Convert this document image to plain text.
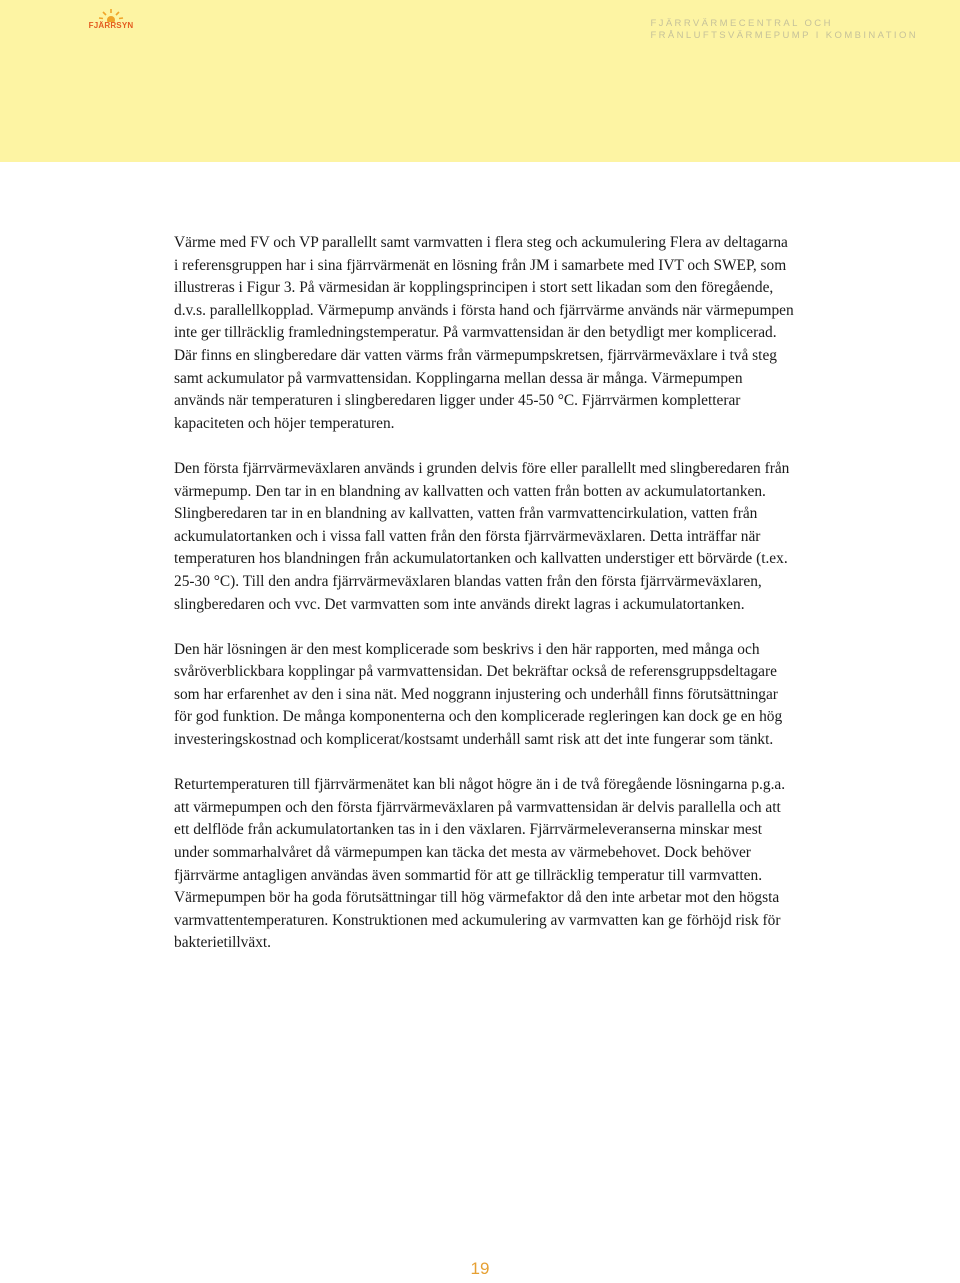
FJÄRRSYN	FJÄRRVÄRMECENTRAL OCH
FRÅNLUFTSVÄRMEPUMP I KOMBINATION

Värme med FV och VP parallellt samt varmvatten i flera steg och ackumulering Flera av deltagarna i referensgruppen har i sina fjärrvärmenät en lösning från JM i samarbete med IVT och SWEP, som illustreras i Figur 3. På värmesidan är kopplingsprincipen i stort sett likadan som den föregående, d.v.s. parallellkopplad. Värmepump används i första hand och fjärrvärme används när värmepumpen inte ger tillräcklig framledningstemperatur. På varmvattensidan är den betydligt mer komplicerad. Där finns en slingberedare där vatten värms från värmepumpskretsen, fjärrvärmeväxlare i två steg samt ackumulator på varmvattensidan. Kopplingarna mellan dessa är många. Värmepumpen används när temperaturen i slingberedaren ligger under 45-50 °C. Fjärrvärmen kompletterar kapaciteten och höjer temperaturen.

Den första fjärrvärmeväxlaren används i grunden delvis före eller parallellt med slingberedaren från värmepump. Den tar in en blandning av kallvatten och vatten från botten av ackumulatortanken. Slingberedaren tar in en blandning av kallvatten, vatten från varmvattencirkulation, vatten från ackumulatortanken och i vissa fall vatten från den första fjärrvärmeväxlaren. Detta inträffar när temperaturen hos blandningen från ackumulatortanken och kallvatten understiger ett börvärde (t.ex. 25-30 °C). Till den andra fjärrvärmeväxlaren blandas vatten från den första fjärrvärmeväxlaren, slingberedaren och vvc. Det varmvatten som inte används direkt lagras i ackumulatortanken.

Den här lösningen är den mest komplicerade som beskrivs i den här rapporten, med många och svåröverblickbara kopplingar på varmvattensidan. Det bekräftar också de referensgruppsdeltagare som har erfarenhet av den i sina nät. Med noggrann injustering och underhåll finns förutsättningar för god funktion. De många komponenterna och den komplicerade regleringen kan dock ge en hög investeringskostnad och komplicerat/kostsamt underhåll samt risk att det inte fungerar som tänkt.

Returtemperaturen till fjärrvärmenätet kan bli något högre än i de två föregående lösningarna p.g.a. att värmepumpen och den första fjärrvärmeväxlaren på varmvattensidan är delvis parallella och att ett delflöde från ackumulatortanken tas in i den växlaren. Fjärrvärmeleveranserna minskar mest under sommarhalvåret då värmepumpen kan täcka det mesta av värmebehovet. Dock behöver fjärrvärme antagligen användas även sommartid för att ge tillräcklig temperatur till varmvatten. Värmepumpen bör ha goda förutsättningar till hög värmefaktor då den inte arbetar mot den högsta varmvattentemperaturen. Konstruktionen med ackumulering av varmvatten kan ge förhöjd risk för bakterietillväxt.

19
